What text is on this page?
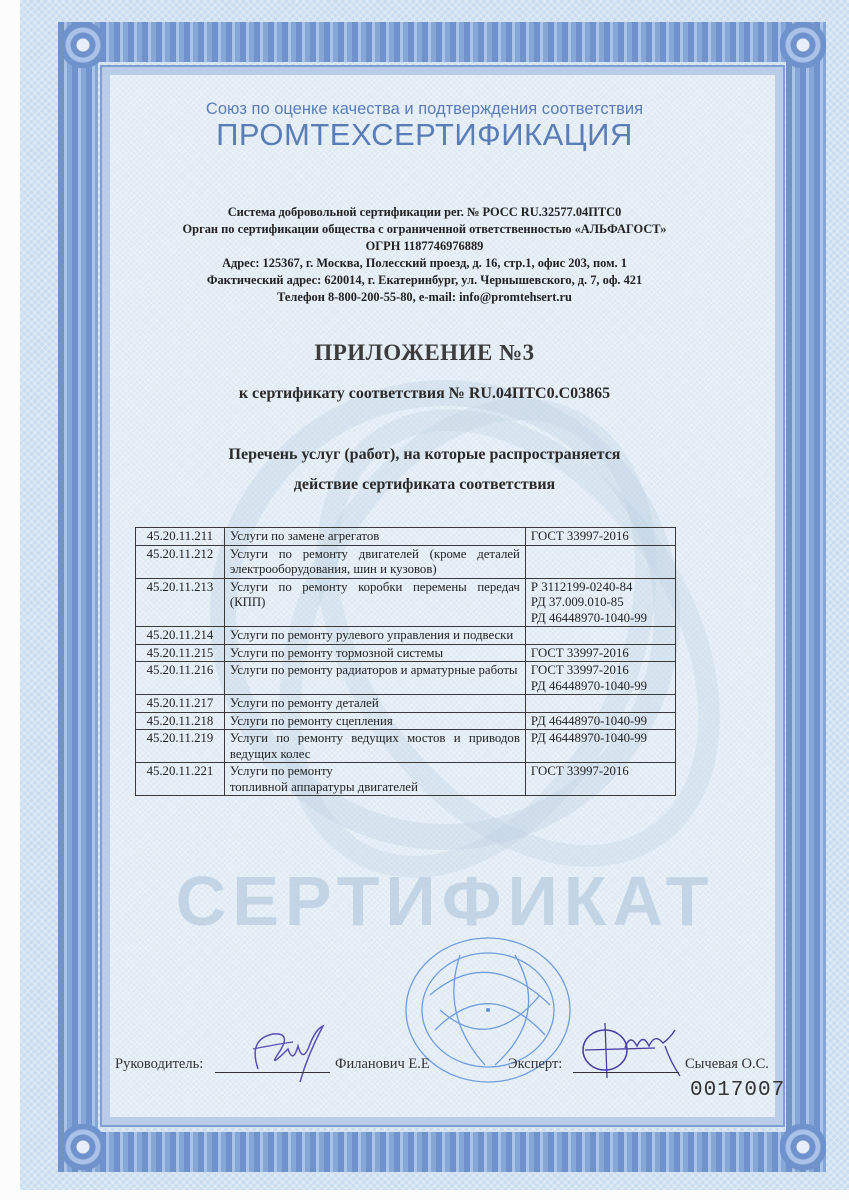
СЕРТИФИКАТ
Союз по оценке качества и подтверждения соответствия
ПРОМТЕХСЕРТИФИКАЦИЯ
Система добровольной сертификации рег. № РОСС RU.32577.04ПТС0
Орган по сертификации общества с ограниченной ответственностью «АЛЬФАГОСТ»
ОГРН 1187746976889
Адрес: 125367, г. Москва, Полесский проезд, д. 16, стр.1, офис 203, пом. 1
Фактический адрес: 620014, г. Екатеринбург, ул. Чернышевского, д. 7, оф. 421
Телефон 8-800-200-55-80, e-mail: info@promtehsert.ru
ПРИЛОЖЕНИЕ №3
к сертификату соответствия № RU.04ПТС0.С03865
Перечень услуг (работ), на которые распространяется
действие сертификата соответствия
45.20.11.211	Услуги по замене агрегатов	ГОСТ 33997-2016

45.20.11.212	Услуги по ремонту двигателей (кроме деталей электрооборудования, шин и кузовов)	
45.20.11.213	Услуги по ремонту коробки перемены передач (КПП)	Р 3112199-0240-84
РД 37.009.010-85
РД 46448970-1040-99

45.20.11.214	Услуги по ремонту рулевого управления и подвески	
45.20.11.215	Услуги по ремонту тормозной системы	ГОСТ 33997-2016

45.20.11.216	Услуги по ремонту радиаторов и арматурные работы	ГОСТ 33997-2016
РД 46448970-1040-99

45.20.11.217	Услуги по ремонту деталей	
45.20.11.218	Услуги по ремонту сцепления	РД 46448970-1040-99

45.20.11.219	Услуги по ремонту ведущих мостов и приводов ведущих колес	РД 46448970-1040-99

45.20.11.221	Услуги по ремонту
топливной аппаратуры двигателей	ГОСТ 33997-2016
Руководитель:	Филанович Е.Е	Эксперт:	Сычевая О.С.
0017007
